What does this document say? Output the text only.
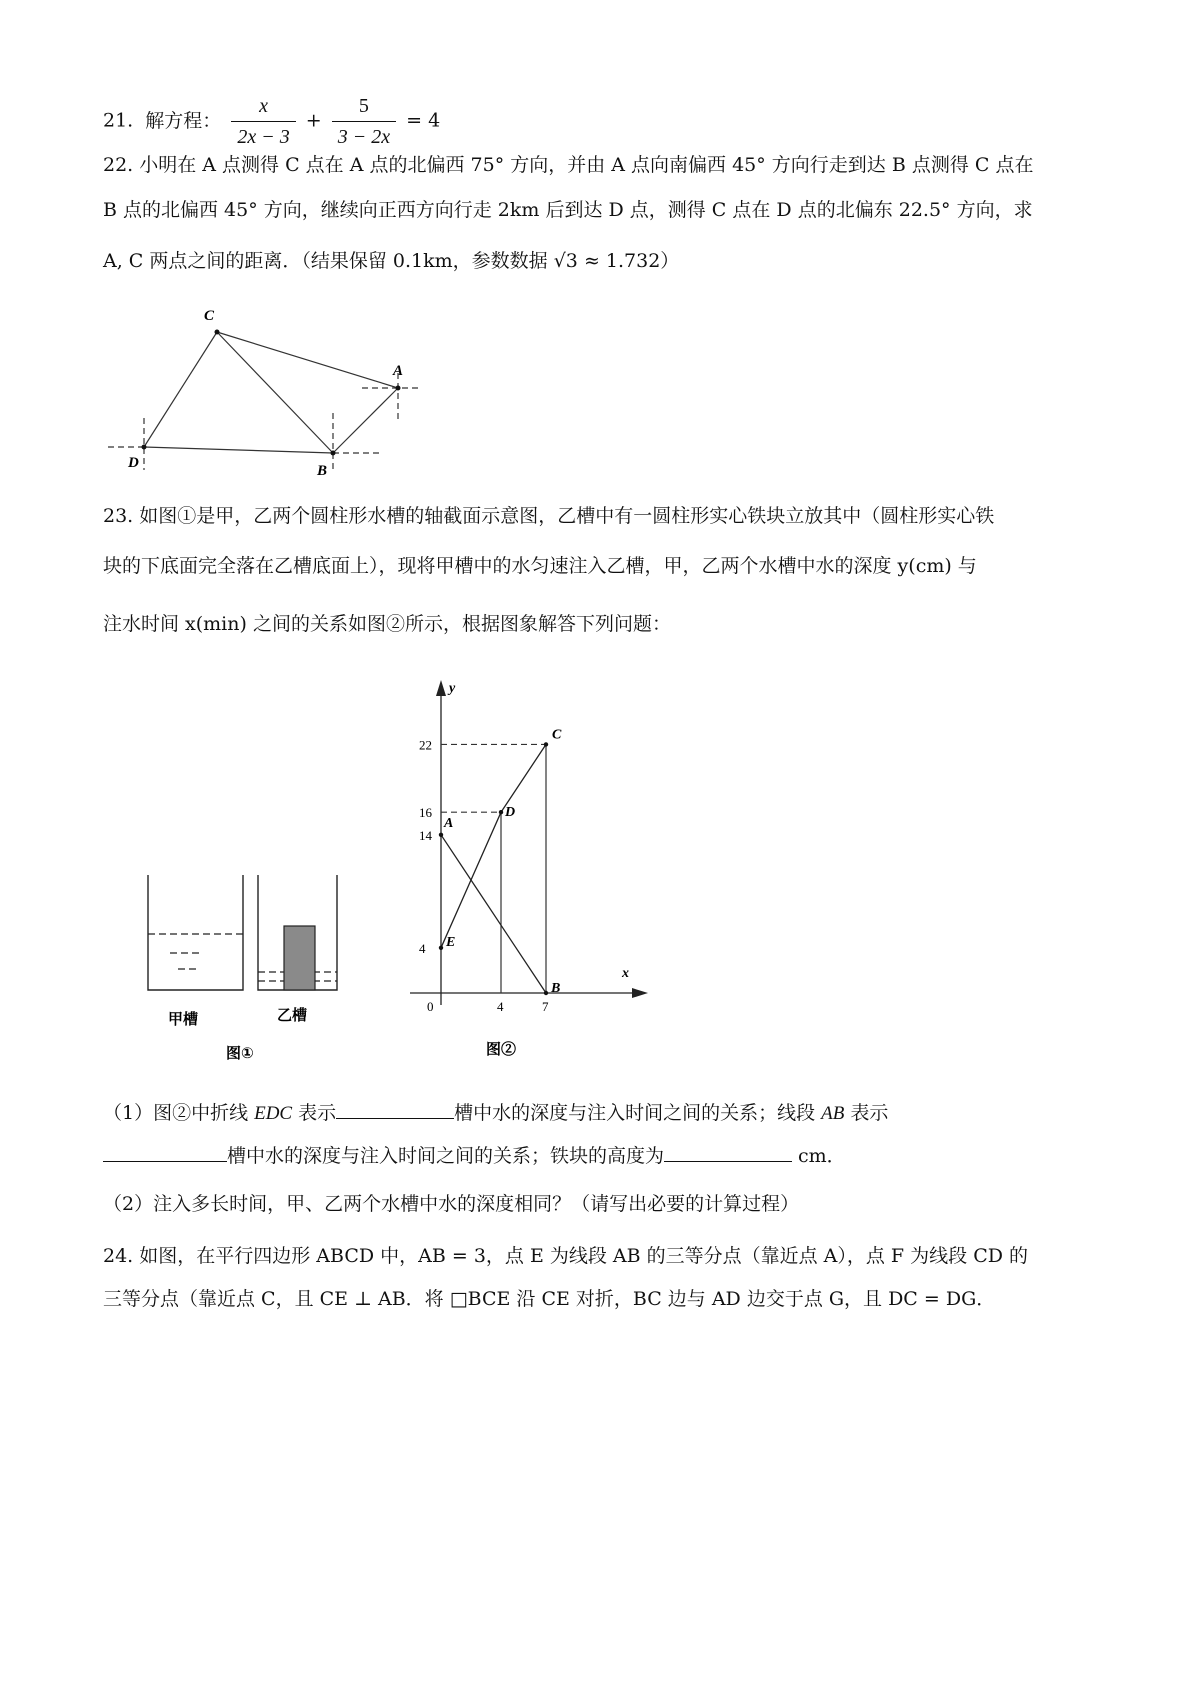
21. 解方程： $\frac{x}{2x - 3} + \frac{5}{3 - 2x} = 4$
22. 小明在 A 点测得 C 点在 A 点的北偏西 75° 方向，并由 A 点向南偏西 45° 方向行走到达 B 点测得 C 点在
B 点的北偏西 45° 方向，继续向正西方向行走 2km 后到达 D 点，测得 C 点在 D 点的北偏东 22.5° 方向，求
A, C 两点之间的距离．（结果保留 0.1km，参数数据 √3 ≈ 1.732）
C
A
D	B
23. 如图①是甲，乙两个圆柱形水槽的轴截面示意图，乙槽中有一圆柱形实心铁块立放其中（圆柱形实心铁
块的下底面完全落在乙槽底面上），现将甲槽中的水匀速注入乙槽，甲，乙两个水槽中水的深度 y(cm) 与
注水时间 x(min) 之间的关系如图②所示，根据图象解答下列问题：
甲槽	乙槽
图①
x
y
E
D
C
A
B
4
14
16
22
0	4	7
图②
（1）图②中折线 EDC 表示	槽中水的深度与注入时间之间的关系；线段 AB 表示
槽中水的深度与注入时间之间的关系；铁块的高度为	cm．
（2）注入多长时间，甲、乙两个水槽中水的深度相同？（请写出必要的计算过程）
24. 如图，在平行四边形 ABCD 中，AB = 3，点 E 为线段 AB 的三等分点（靠近点 A），点 F 为线段 CD 的
三等分点（靠近点 C，且 CE ⊥ AB．将 □BCE 沿 CE 对折，BC 边与 AD 边交于点 G，且 DC = DG．
